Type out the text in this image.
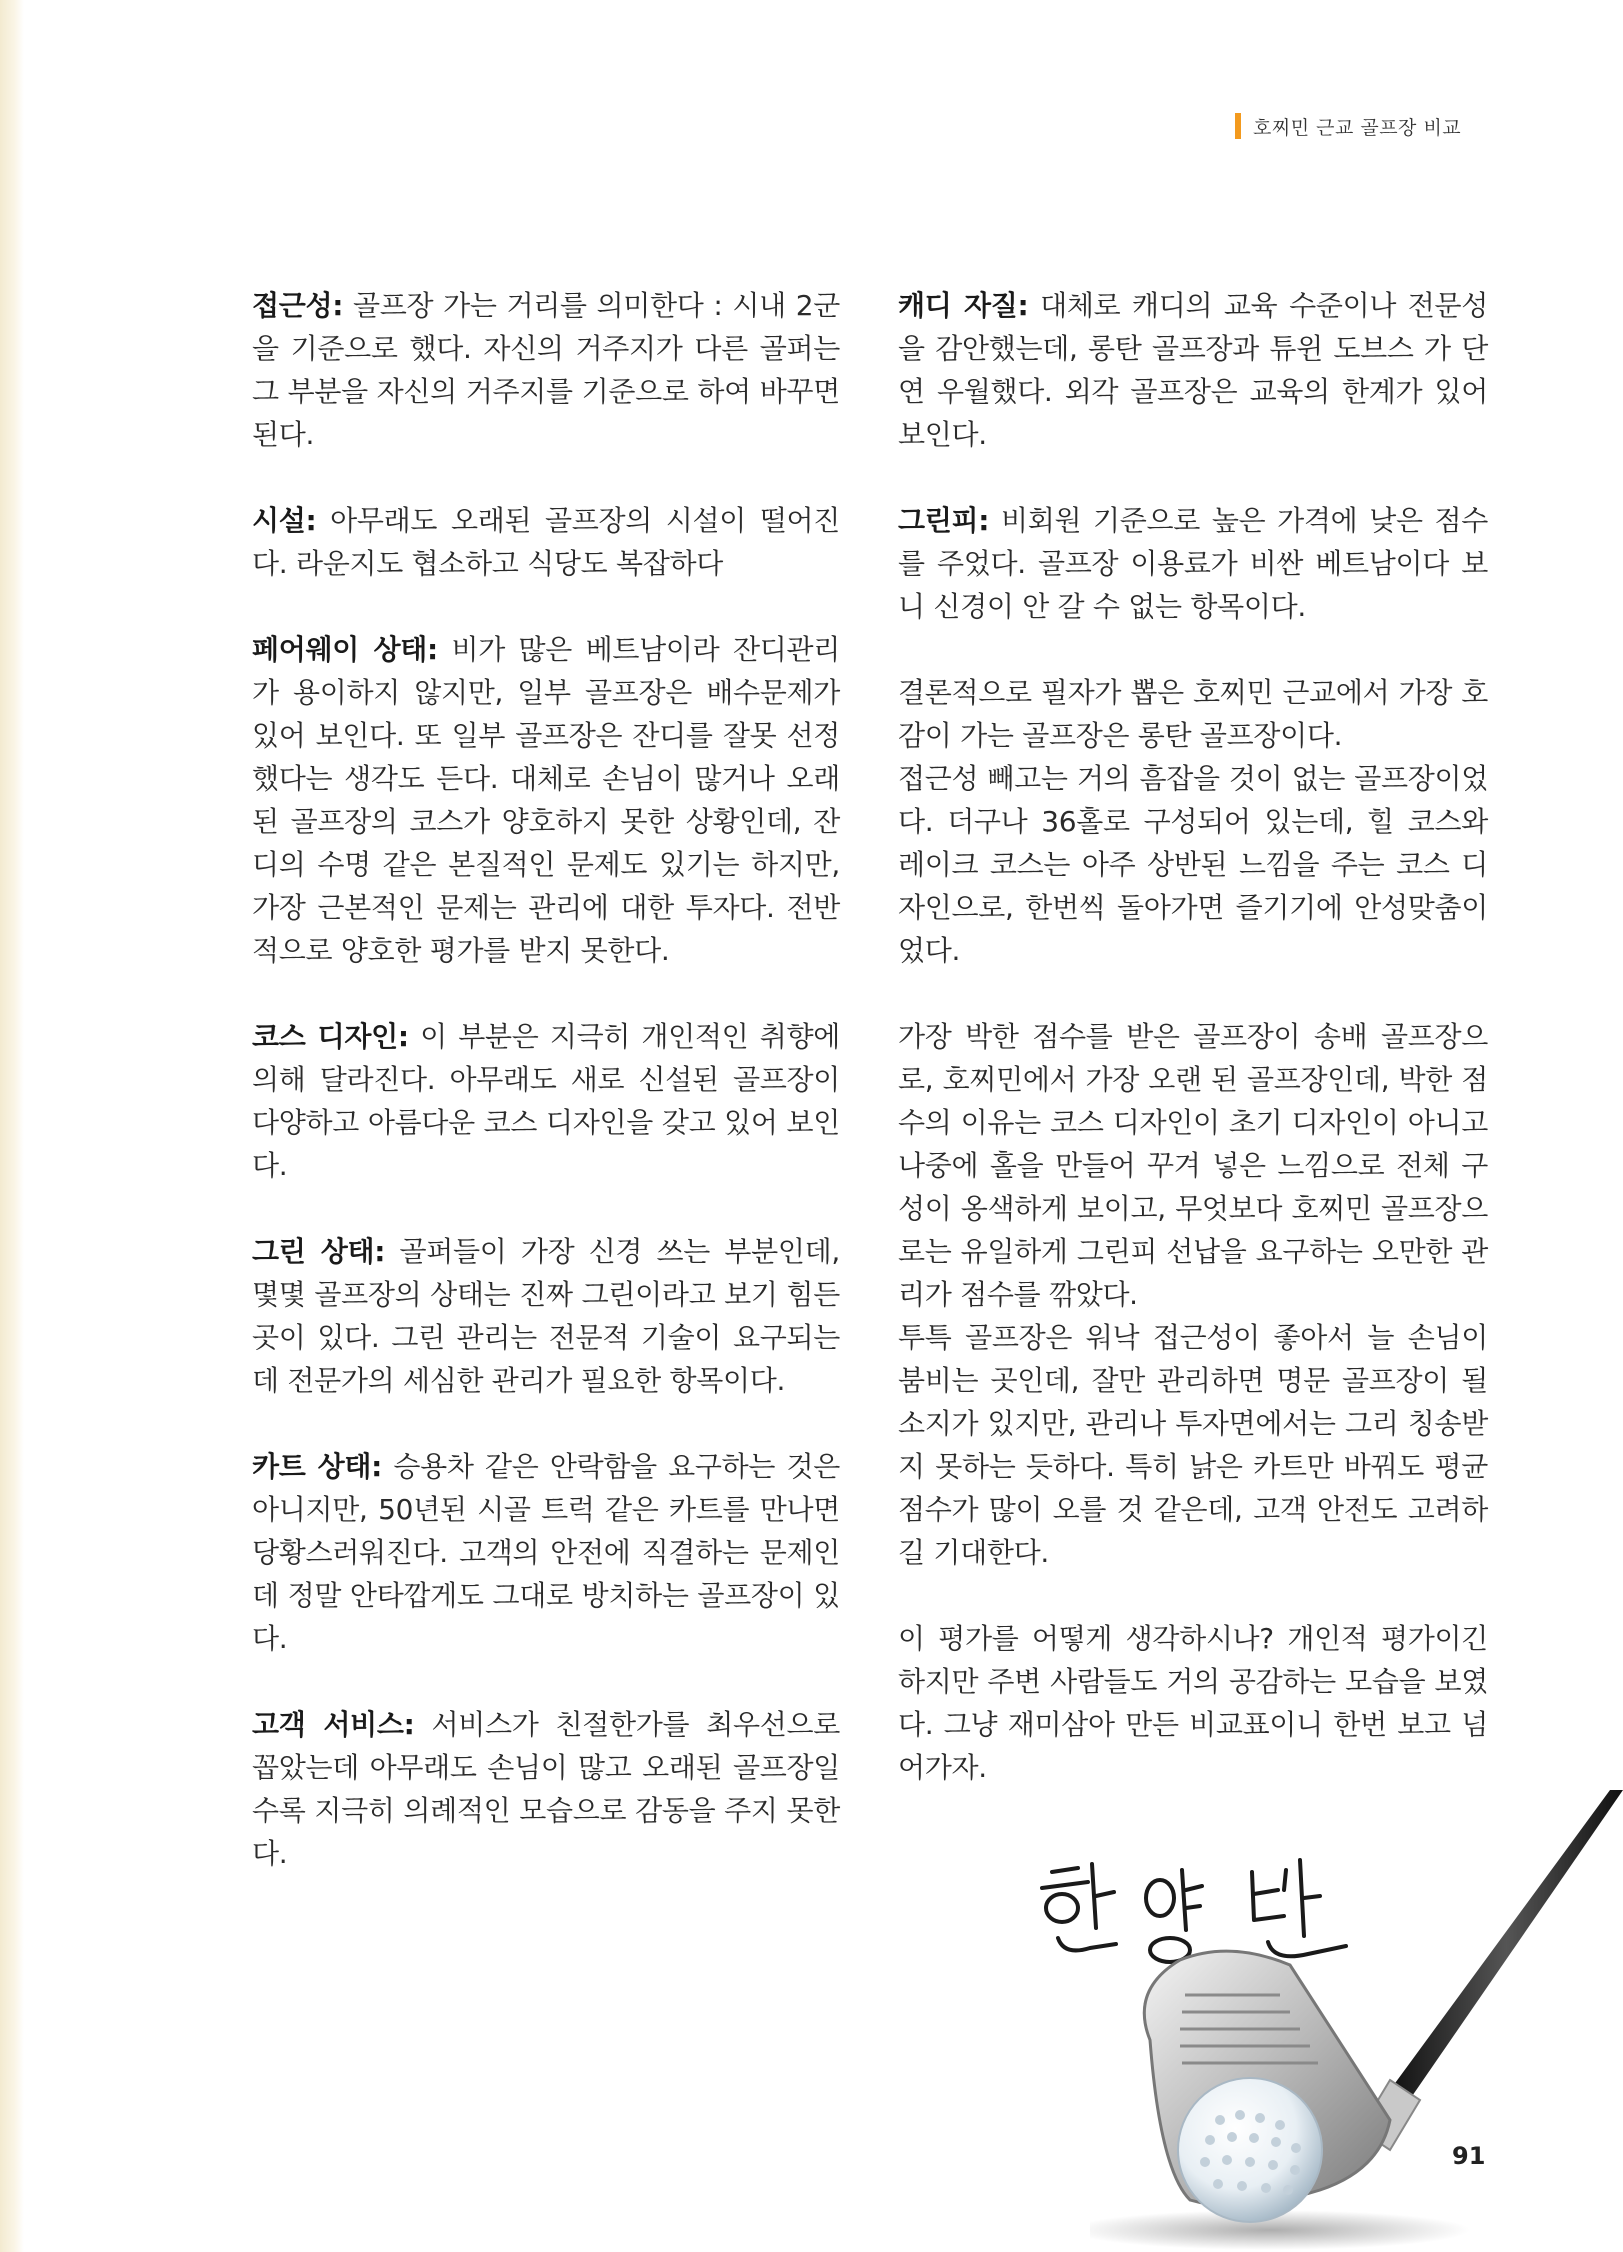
호찌민 근교 골프장 비교

접근성: 골프장 가는 거리를 의미한다 : 시내 2군을 기준으로 했다. 자신의 거주지가 다른 골퍼는 그 부분을 자신의 거주지를 기준으로 하여 바꾸면 된다.

시설: 아무래도 오래된 골프장의 시설이 떨어진다. 라운지도 협소하고 식당도 복잡하다

페어웨이 상태: 비가 많은 베트남이라 잔디관리가 용이하지 않지만, 일부 골프장은 배수문제가 있어 보인다. 또 일부 골프장은 잔디를 잘못 선정했다는 생각도 든다. 대체로 손님이 많거나 오래된 골프장의 코스가 양호하지 못한 상황인데, 잔디의 수명 같은 본질적인 문제도 있기는 하지만, 가장 근본적인 문제는 관리에 대한 투자다. 전반적으로 양호한 평가를 받지 못한다.

코스 디자인: 이 부분은 지극히 개인적인 취향에 의해 달라진다. 아무래도 새로 신설된 골프장이 다양하고 아름다운 코스 디자인을 갖고 있어 보인다.

그린 상태: 골퍼들이 가장 신경 쓰는 부분인데, 몇몇 골프장의 상태는 진짜 그린이라고 보기 힘든 곳이 있다. 그린 관리는 전문적 기술이 요구되는데 전문가의 세심한 관리가 필요한 항목이다.

카트 상태: 승용차 같은 안락함을 요구하는 것은 아니지만, 50년된 시골 트럭 같은 카트를 만나면 당황스러워진다. 고객의 안전에 직결하는 문제인데 정말 안타깝게도 그대로 방치하는 골프장이 있다.

고객 서비스: 서비스가 친절한가를 최우선으로 꼽았는데 아무래도 손님이 많고 오래된 골프장일수록 지극히 의례적인 모습으로 감동을 주지 못한다.

캐디 자질: 대체로 캐디의 교육 수준이나 전문성을 감안했는데, 롱탄 골프장과 튜윈 도브스 가 단연 우월했다. 외각 골프장은 교육의 한계가 있어 보인다.

그린피: 비회원 기준으로 높은 가격에 낮은 점수를 주었다. 골프장 이용료가 비싼 베트남이다 보니 신경이 안 갈 수 없는 항목이다.

결론적으로 필자가 뽑은 호찌민 근교에서 가장 호감이 가는 골프장은 롱탄 골프장이다.

접근성 빼고는 거의 흠잡을 것이 없는 골프장이었다. 더구나 36홀로 구성되어 있는데, 힐 코스와 레이크 코스는 아주 상반된 느낌을 주는 코스 디자인으로, 한번씩 돌아가면 즐기기에 안성맞춤이었다.

가장 박한 점수를 받은 골프장이 송배 골프장으로, 호찌민에서 가장 오랜 된 골프장인데, 박한 점수의 이유는 코스 디자인이 초기 디자인이 아니고 나중에 홀을 만들어 꾸겨 넣은 느낌으로 전체 구성이 옹색하게 보이고, 무엇보다 호찌민 골프장으로는 유일하게 그린피 선납을 요구하는 오만한 관리가 점수를 깎았다.

투특 골프장은 워낙 접근성이 좋아서 늘 손님이 붐비는 곳인데, 잘만 관리하면 명문 골프장이 될 소지가 있지만, 관리나 투자면에서는 그리 칭송받지 못하는 듯하다. 특히 낡은 카트만 바꿔도 평균 점수가 많이 오를 것 같은데, 고객 안전도 고려하길 기대한다.

이 평가를 어떻게 생각하시나? 개인적 평가이긴 하지만 주변 사람들도 거의 공감하는 모습을 보였다. 그냥 재미삼아 만든 비교표이니 한번 보고 넘어가자.

91
